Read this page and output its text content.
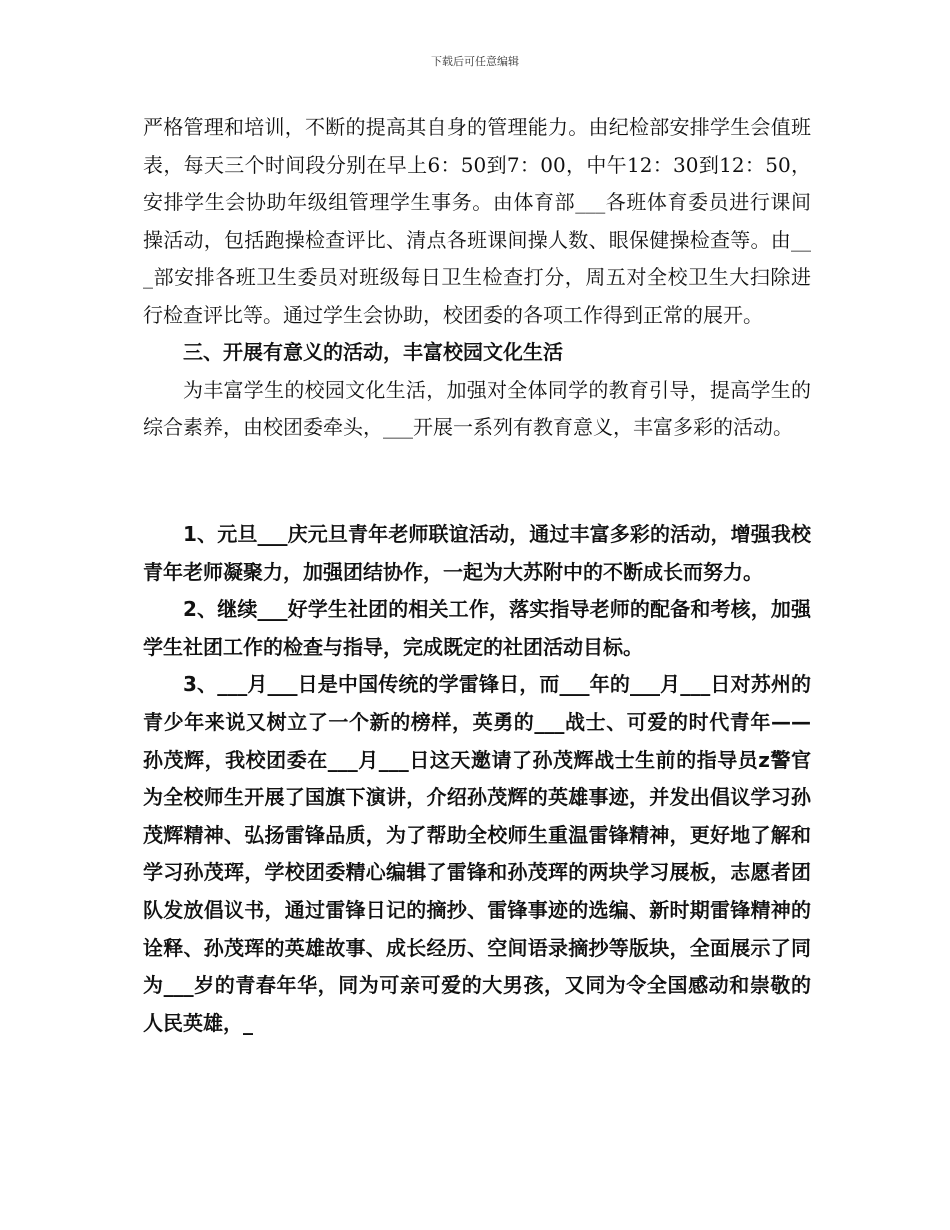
下载后可任意编辑

严格管理和培训，不断的提高其自身的管理能力。由纪检部安排学生会值班表，每天三个时间段分别在早上6：50到7：00，中午12：30到12：50，安排学生会协助年级组管理学生事务。由体育部___各班体育委员进行课间操活动，包括跑操检查评比、清点各班课间操人数、眼保健操检查等。由___部安排各班卫生委员对班级每日卫生检查打分，周五对全校卫生大扫除进行检查评比等。通过学生会协助，校团委的各项工作得到正常的展开。

三、开展有意义的活动，丰富校园文化生活

为丰富学生的校园文化生活，加强对全体同学的教育引导，提高学生的综合素养，由校团委牵头，___开展一系列有教育意义，丰富多彩的活动。

1、元旦___庆元旦青年老师联谊活动，通过丰富多彩的活动，增强我校青年老师凝聚力，加强团结协作，一起为大苏附中的不断成长而努力。

2、继续___好学生社团的相关工作，落实指导老师的配备和考核，加强学生社团工作的检查与指导，完成既定的社团活动目标。

3、___月___日是中国传统的学雷锋日，而___年的___月___日对苏州的青少年来说又树立了一个新的榜样，英勇的___战士、可爱的时代青年——孙茂辉，我校团委在___月___日这天邀请了孙茂辉战士生前的指导员z警官为全校师生开展了国旗下演讲，介绍孙茂辉的英雄事迹，并发出倡议学习孙茂辉精神、弘扬雷锋品质，为了帮助全校师生重温雷锋精神，更好地了解和学习孙茂珲，学校团委精心编辑了雷锋和孙茂珲的两块学习展板，志愿者团队发放倡议书，通过雷锋日记的摘抄、雷锋事迹的选编、新时期雷锋精神的诠释、孙茂珲的英雄故事、成长经历、空间语录摘抄等版块，全面展示了同为___岁的青春年华，同为可亲可爱的大男孩，又同为令全国感动和崇敬的人民英雄，_
